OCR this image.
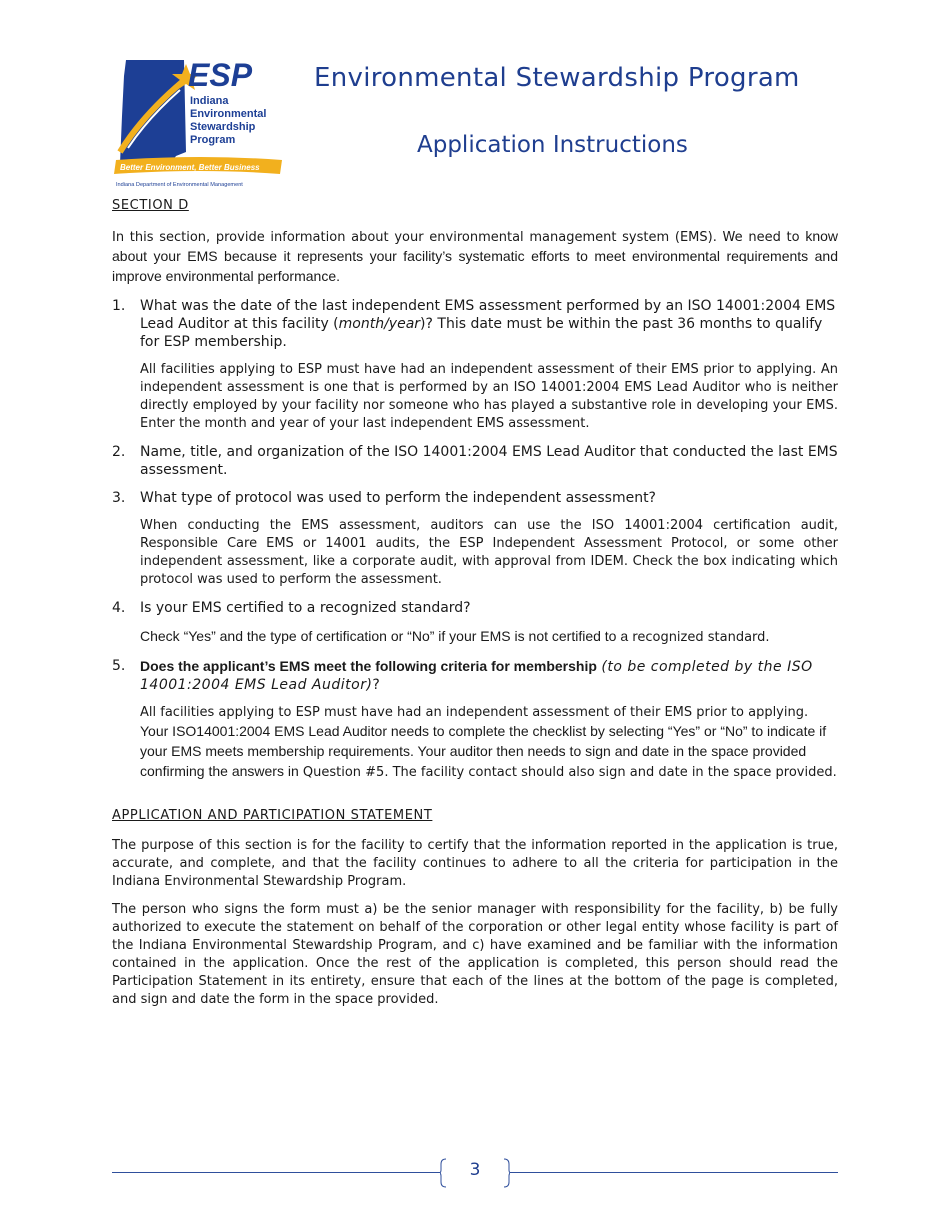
ESP
Indiana
Environmental
Stewardship
Program
Better Environment, Better Business
Indiana Department of Environmental Management
Environmental Stewardship Program
Application Instructions
SECTION D

In this section, provide information about your environmental management system (EMS). We need to know about your EMS because it represents your facility’s systematic efforts to meet environmental requirements and improve environmental performance.

1.	What was the date of the last independent EMS assessment performed by an ISO 14001:2004 EMS Lead Auditor at this facility (month/year)? This date must be within the past 36 months to qualify for ESP membership.

All facilities applying to ESP must have had an independent assessment of their EMS prior to applying. An independent assessment is one that is performed by an ISO 14001:2004 EMS Lead Auditor who is neither directly employed by your facility nor someone who has played a substantive role in developing your EMS. Enter the month and year of your last independent EMS assessment.

2.	Name, title, and organization of the ISO 14001:2004 EMS Lead Auditor that conducted the last EMS assessment.

3.	What type of protocol was used to perform the independent assessment?

When conducting the EMS assessment, auditors can use the ISO 14001:2004 certification audit, Responsible Care EMS or 14001 audits, the ESP Independent Assessment Protocol, or some other independent assessment, like a corporate audit, with approval from IDEM. Check the box indicating which protocol was used to perform the assessment.

4.	Is your EMS certified to a recognized standard?

Check “Yes” and the type of certification or “No” if your EMS is not certified to a recognized standard.

5.	Does the applicant’s EMS meet the following criteria for membership (to be completed by the ISO 14001:2004 EMS Lead Auditor)?

All facilities applying to ESP must have had an independent assessment of their EMS prior to applying. Your ISO14001:2004 EMS Lead Auditor needs to complete the checklist by selecting “Yes” or “No” to indicate if your EMS meets membership requirements. Your auditor then needs to sign and date in the space provided confirming the answers in Question #5. The facility contact should also sign and date in the space provided.

APPLICATION AND PARTICIPATION STATEMENT

The purpose of this section is for the facility to certify that the information reported in the application is true, accurate, and complete, and that the facility continues to adhere to all the criteria for participation in the Indiana Environmental Stewardship Program.

The person who signs the form must a) be the senior manager with responsibility for the facility, b) be fully authorized to execute the statement on behalf of the corporation or other legal entity whose facility is part of the Indiana Environmental Stewardship Program, and c) have examined and be familiar with the information contained in the application. Once the rest of the application is completed, this person should read the Participation Statement in its entirety, ensure that each of the lines at the bottom of the page is completed, and sign and date the form in the space provided.

3
